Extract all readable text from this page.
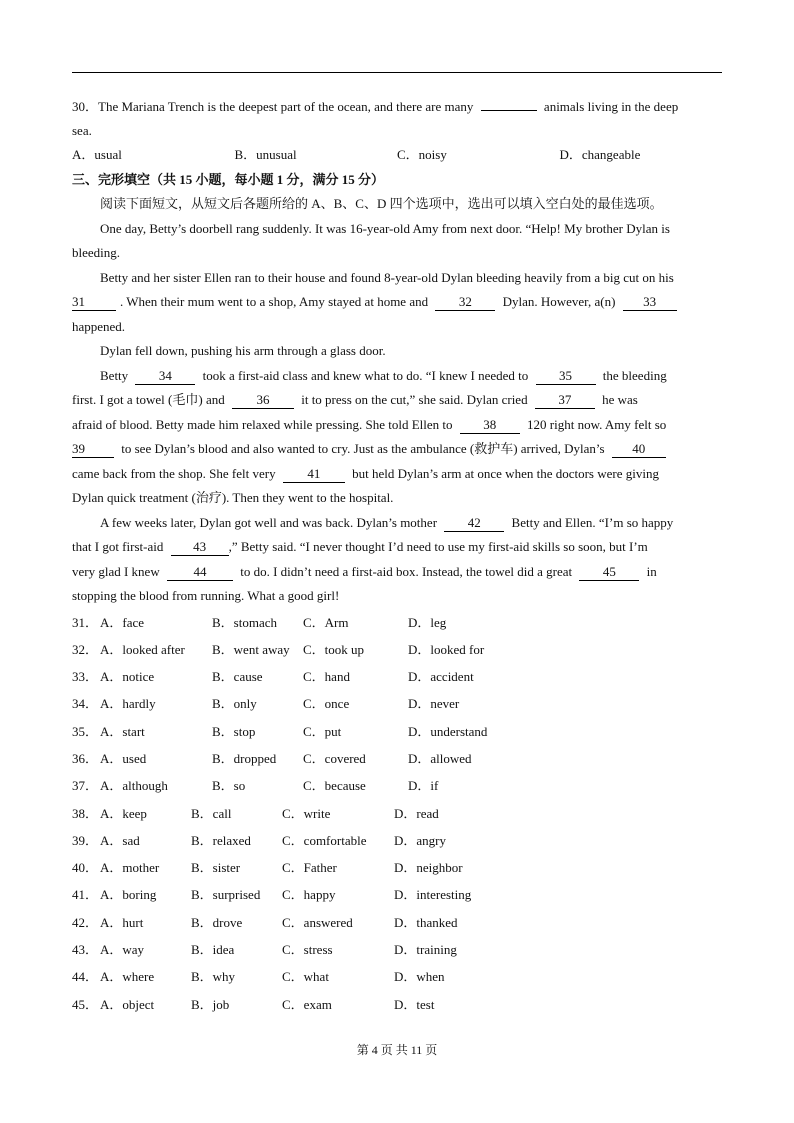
30．The Mariana Trench is the deepest part of the ocean, and there are many	animals living in the deep
sea.
A．usual	B．unusual	C．noisy	D．changeable
三、完形填空（共 15 小题，每小题 1 分，满分 15 分）
阅读下面短文，从短文后各题所给的 A、B、C、D 四个选项中，选出可以填入空白处的最佳选项。
One day, Betty’s doorbell rang suddenly. It was 16-year-old Amy from next door. “Help! My brother Dylan is
bleeding.
Betty and her sister Ellen ran to their house and found 8-year-old Dylan bleeding heavily from a big cut on his
31	. When their mum went to a shop, Amy stayed at home and 32 Dylan. However, a(n) 33
happened.
Dylan fell down, pushing his arm through a glass door.
Betty 34 took a first-aid class and knew what to do. “I knew I needed to 35 the bleeding
first. I got a towel (毛巾) and 36 it to press on the cut,” she said. Dylan cried 37 he was
afraid of blood. Betty made him relaxed while pressing. She told Ellen to 38 120 right now. Amy felt so
39	to see Dylan’s blood and also wanted to cry. Just as the ambulance (救护车) arrived, Dylan’s 40
came back from the shop. She felt very 41 but held Dylan’s arm at once when the doctors were giving
Dylan quick treatment (治疗). Then they went to the hospital.
A few weeks later, Dylan got well and was back. Dylan’s mother 42 Betty and Ellen. “I’m so happy
that I got first-aid 43 ,” Betty said. “I never thought I’d need to use my first-aid skills so soon, but I’m
very glad I knew	44	to do. I didn’t need a first-aid box. Instead, the towel did a great 45 in
stopping the blood from running. What a good girl!
31． A．face	B．stomach	C．Arm	D．leg
32． A．looked after	B．went away	C．took up	D．looked for
33． A．notice	B．cause	C．hand	D．accident
34． A．hardly	B．only	C．once	D．never
35． A．start	B．stop	C．put	D．understand
36． A．used	B．dropped	C．covered	D．allowed
37． A．although	B．so	C．because	D．if
38． A．keep	B．call	C．write	D．read
39． A．sad	B．relaxed	C．comfortable	D．angry
40． A．mother	B．sister	C．Father	D．neighbor
41． A．boring	B．surprised	C．happy	D．interesting
42． A．hurt	B．drove	C．answered	D．thanked
43． A．way	B．idea	C．stress	D．training
44． A．where	B．why	C．what	D．when
45． A．object	B．job	C．exam	D．test
第 4 页 共 11 页
